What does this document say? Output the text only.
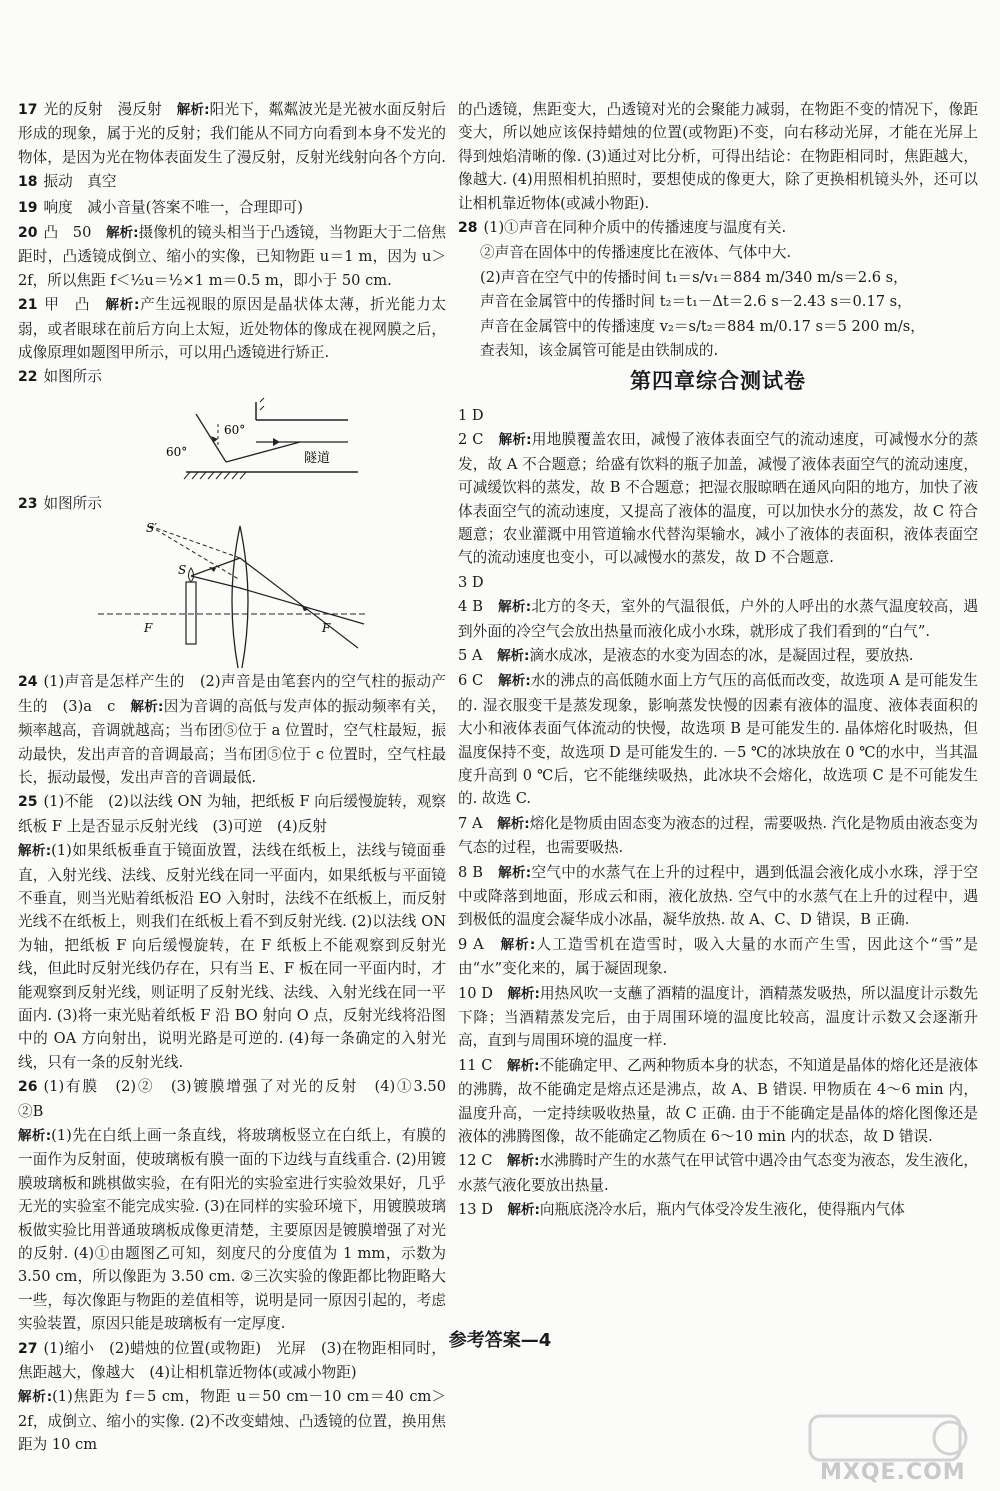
17 光的反射　漫反射　解析:阳光下，粼粼波光是光被水面反射后形成的现象，属于光的反射；我们能从不同方向看到本身不发光的物体，是因为光在物体表面发生了漫反射，反射光线射向各个方向.
18 振动　真空
19 响度　减小音量(答案不唯一，合理即可)
20 凸　50　解析:摄像机的镜头相当于凸透镜，当物距大于二倍焦距时，凸透镜成倒立、缩小的实像，已知物距 u＝1 m，因为 u＞2f，所以焦距 f＜½u＝½×1 m＝0.5 m，即小于 50 cm.
21 甲　凸　解析:产生远视眼的原因是晶状体太薄，折光能力太弱，或者眼球在前后方向上太短，近处物体的像成在视网膜之后，成像原理如题图甲所示，可以用凸透镜进行矫正.
22 如图所示
60°
60°
隧道
23 如图所示
S′
S
F	F
24 (1)声音是怎样产生的　(2)声音是由笔套内的空气柱的振动产生的　(3)a　c　解析:因为音调的高低与发声体的振动频率有关，频率越高，音调就越高；当布团⑤位于 a 位置时，空气柱最短，振动最快，发出声音的音调最高；当布团⑤位于 c 位置时，空气柱最长，振动最慢，发出声音的音调最低.
25 (1)不能　(2)以法线 ON 为轴，把纸板 F 向后缓慢旋转，观察纸板 F 上是否显示反射光线　(3)可逆　(4)反射
解析:(1)如果纸板垂直于镜面放置，法线在纸板上，法线与镜面垂直，入射光线、法线、反射光线在同一平面内，如果纸板与平面镜不垂直，则当光贴着纸板沿 EO 入射时，法线不在纸板上，而反射光线不在纸板上，则我们在纸板上看不到反射光线. (2)以法线 ON 为轴，把纸板 F 向后缓慢旋转，在 F 纸板上不能观察到反射光线，但此时反射光线仍存在，只有当 E、F 板在同一平面内时，才能观察到反射光线，则证明了反射光线、法线、入射光线在同一平面内. (3)将一束光贴着纸板 F 沿 BO 射向 O 点，反射光线将沿图中的 OA 方向射出，说明光路是可逆的. (4)每一条确定的入射光线，只有一条的反射光线.
26 (1)有膜　(2)②　(3)镀膜增强了对光的反射　(4)①3.50　②B
解析:(1)先在白纸上画一条直线，将玻璃板竖立在白纸上，有膜的一面作为反射面，使玻璃板有膜一面的下边线与直线重合. (2)用镀膜玻璃板和跳棋做实验，在有阳光的实验室进行实验效果好，几乎无光的实验室不能完成实验. (3)在同样的实验环境下，用镀膜玻璃板做实验比用普通玻璃板成像更清楚，主要原因是镀膜增强了对光的反射. (4)①由题图乙可知，刻度尺的分度值为 1 mm，示数为 3.50 cm，所以像距为 3.50 cm. ②三次实验的像距都比物距略大一些，每次像距与物距的差值相等，说明是同一原因引起的，考虑实验装置，原因只能是玻璃板有一定厚度.
27 (1)缩小　(2)蜡烛的位置(或物距)　光屏　(3)在物距相同时，焦距越大，像越大　(4)让相机靠近物体(或减小物距)
解析:(1)焦距为 f＝5 cm，物距 u＝50 cm－10 cm＝40 cm＞2f，成倒立、缩小的实像. (2)不改变蜡烛、凸透镜的位置，换用焦距为 10 cm
的凸透镜，焦距变大，凸透镜对光的会聚能力减弱，在物距不变的情况下，像距变大，所以她应该保持蜡烛的位置(或物距)不变，向右移动光屏，才能在光屏上得到烛焰清晰的像. (3)通过对比分析，可得出结论：在物距相同时，焦距越大，像越大. (4)用照相机拍照时，要想使成的像更大，除了更换相机镜头外，还可以让相机靠近物体(或减小物距).
28 (1)①声音在同种介质中的传播速度与温度有关.
②声音在固体中的传播速度比在液体、气体中大.
(2)声音在空气中的传播时间 t₁＝s/v₁＝884 m/340 m/s＝2.6 s，
声音在金属管中的传播时间 t₂＝t₁－Δt＝2.6 s－2.43 s＝0.17 s，
声音在金属管中的传播速度 v₂＝s/t₂＝884 m/0.17 s＝5 200 m/s，
查表知，该金属管可能是由铁制成的.
第四章综合测试卷
1 D
2 C　解析:用地膜覆盖农田，减慢了液体表面空气的流动速度，可减慢水分的蒸发，故 A 不合题意；给盛有饮料的瓶子加盖，减慢了液体表面空气的流动速度，可减缓饮料的蒸发，故 B 不合题意；把湿衣服晾晒在通风向阳的地方，加快了液体表面空气的流动速度，又提高了液体的温度，可以加快水分的蒸发，故 C 符合题意；农业灌溉中用管道输水代替沟渠输水，减小了液体的表面积，液体表面空气的流动速度也变小，可以减慢水的蒸发，故 D 不合题意.
3 D
4 B　解析:北方的冬天，室外的气温很低，户外的人呼出的水蒸气温度较高，遇到外面的冷空气会放出热量而液化成小水珠，就形成了我们看到的“白气”.
5 A　解析:滴水成冰，是液态的水变为固态的冰，是凝固过程，要放热.
6 C　解析:水的沸点的高低随水面上方气压的高低而改变，故选项 A 是可能发生的. 湿衣服变干是蒸发现象，影响蒸发快慢的因素有液体的温度、液体表面积的大小和液体表面气体流动的快慢，故选项 B 是可能发生的. 晶体熔化时吸热，但温度保持不变，故选项 D 是可能发生的. －5 ℃的冰块放在 0 ℃的水中，当其温度升高到 0 ℃后，它不能继续吸热，此冰块不会熔化，故选项 C 是不可能发生的. 故选 C.
7 A　解析:熔化是物质由固态变为液态的过程，需要吸热. 汽化是物质由液态变为气态的过程，也需要吸热.
8 B　解析:空气中的水蒸气在上升的过程中，遇到低温会液化成小水珠，浮于空中或降落到地面，形成云和雨，液化放热. 空气中的水蒸气在上升的过程中，遇到极低的温度会凝华成小冰晶，凝华放热. 故 A、C、D 错误，B 正确.
9 A　解析:人工造雪机在造雪时，吸入大量的水而产生雪，因此这个“雪”是由“水”变化来的，属于凝固现象.
10 D　解析:用热风吹一支蘸了酒精的温度计，酒精蒸发吸热，所以温度计示数先下降；当酒精蒸发完后，由于周围环境的温度比较高，温度计示数又会逐渐升高，直到与周围环境的温度一样.
11 C　解析:不能确定甲、乙两种物质本身的状态，不知道是晶体的熔化还是液体的沸腾，故不能确定是熔点还是沸点，故 A、B 错误. 甲物质在 4～6 min 内，温度升高，一定持续吸收热量，故 C 正确. 由于不能确定是晶体的熔化图像还是液体的沸腾图像，故不能确定乙物质在 6～10 min 内的状态，故 D 错误.
12 C　解析:水沸腾时产生的水蒸气在甲试管中遇冷由气态变为液态，发生液化，水蒸气液化要放出热量.
13 D　解析:向瓶底浇冷水后，瓶内气体受冷发生液化，使得瓶内气体
参考答案—4
MXQE.COM
